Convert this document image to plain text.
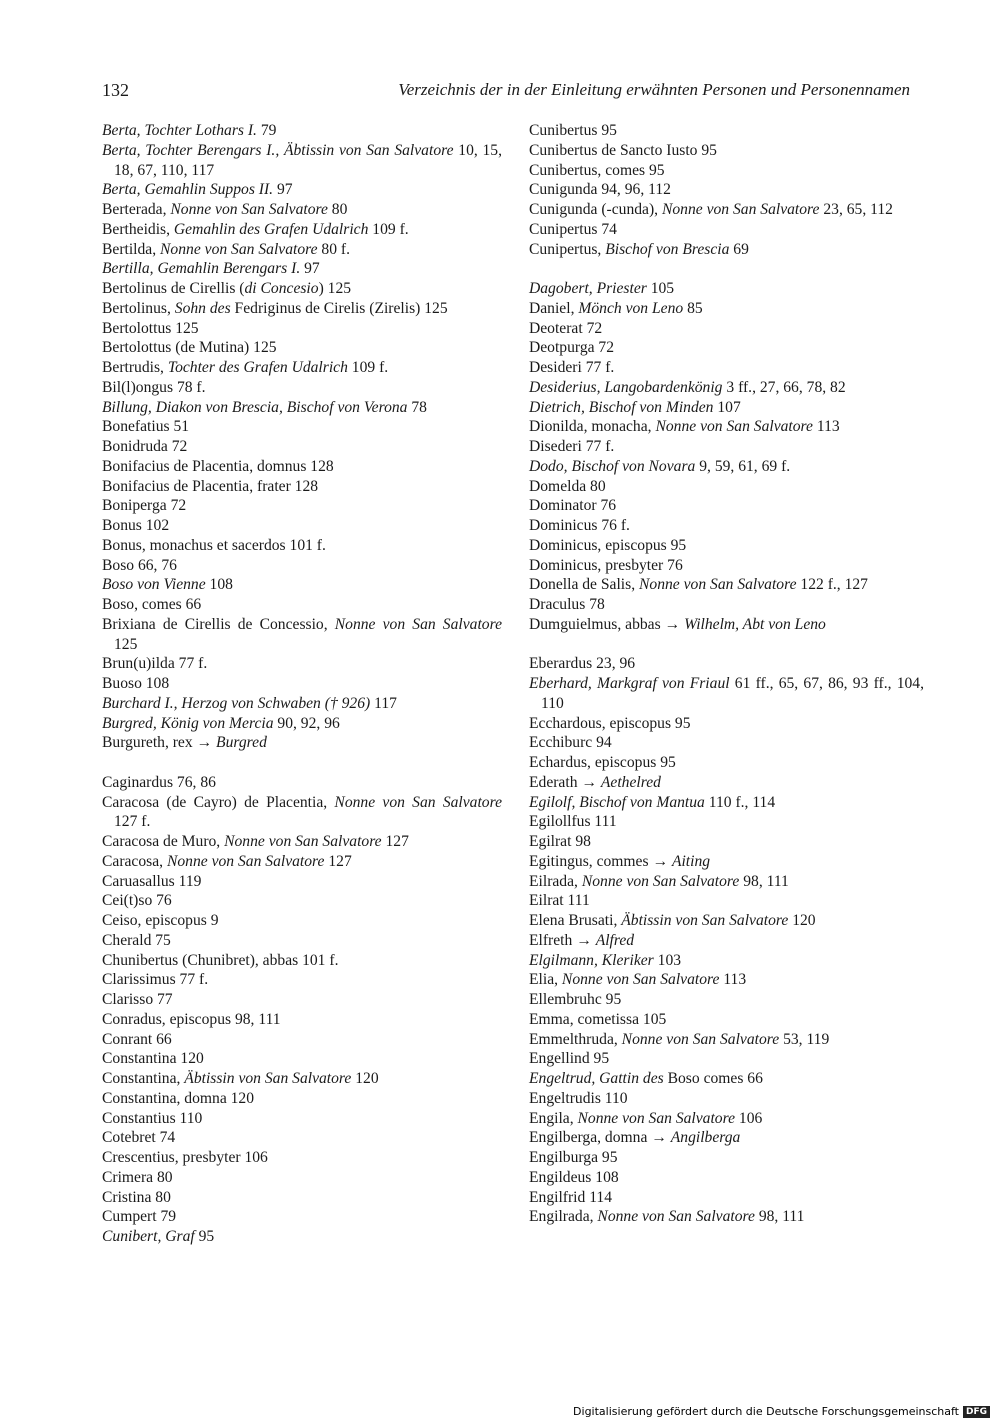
132	Verzeichnis der in der Einleitung erwähnten Personen und Personennamen
Berta, Tochter Lothars I. 79
Berta, Tochter Berengars I., Äbtissin von San Salvatore 10, 15, 18, 67, 110, 117
Berta, Gemahlin Suppos II. 97
Berterada, Nonne von San Salvatore 80
Bertheidis, Gemahlin des Grafen Udalrich 109 f.
Bertilda, Nonne von San Salvatore 80 f.
Bertilla, Gemahlin Berengars I. 97
Bertolinus de Cirellis (di Concesio) 125
Bertolinus, Sohn des Fedriginus de Cirelis (Zirelis) 125
Bertolottus 125
Bertolottus (de Mutina) 125
Bertrudis, Tochter des Grafen Udalrich 109 f.
Bil(l)ongus 78 f.
Billung, Diakon von Brescia, Bischof von Verona 78
Bonefatius 51
Bonidruda 72
Bonifacius de Placentia, domnus 128
Bonifacius de Placentia, frater 128
Boniperga 72
Bonus 102
Bonus, monachus et sacerdos 101 f.
Boso 66, 76
Boso von Vienne 108
Boso, comes 66
Brixiana de Cirellis de Concessio, Nonne von San Salvatore 125
Brun(u)ilda 77 f.
Buoso 108
Burchard I., Herzog von Schwaben († 926) 117
Burgred, König von Mercia 90, 92, 96
Burgureth, rex → Burgred
Caginardus 76, 86
Caracosa (de Cayro) de Placentia, Nonne von San Salvatore 127 f.
Caracosa de Muro, Nonne von San Salvatore 127
Caracosa, Nonne von San Salvatore 127
Caruasallus 119
Cei(t)so 76
Ceiso, episcopus 9
Cherald 75
Chunibertus (Chunibret), abbas 101 f.
Clarissimus 77 f.
Clarisso 77
Conradus, episcopus 98, 111
Conrant 66
Constantina 120
Constantina, Äbtissin von San Salvatore 120
Constantina, domna 120
Constantius 110
Cotebret 74
Crescentius, presbyter 106
Crimera 80
Cristina 80
Cumpert 79
Cunibert, Graf 95
Cunibertus 95
Cunibertus de Sancto Iusto 95
Cunibertus, comes 95
Cunigunda 94, 96, 112
Cunigunda (-cunda), Nonne von San Salvatore 23, 65, 112
Cunipertus 74
Cunipertus, Bischof von Brescia 69
Dagobert, Priester 105
Daniel, Mönch von Leno 85
Deoterat 72
Deotpurga 72
Desideri 77 f.
Desiderius, Langobardenkönig 3 ff., 27, 66, 78, 82
Dietrich, Bischof von Minden 107
Dionilda, monacha, Nonne von San Salvatore 113
Disederi 77 f.
Dodo, Bischof von Novara 9, 59, 61, 69 f.
Domelda 80
Dominator 76
Dominicus 76 f.
Dominicus, episcopus 95
Dominicus, presbyter 76
Donella de Salis, Nonne von San Salvatore 122 f., 127
Draculus 78
Dumguielmus, abbas → Wilhelm, Abt von Leno
Eberardus 23, 96
Eberhard, Markgraf von Friaul 61 ff., 65, 67, 86, 93 ff., 104, 110
Ecchardous, episcopus 95
Ecchiburc 94
Echardus, episcopus 95
Ederath → Aethelred
Egilolf, Bischof von Mantua 110 f., 114
Egilollfus 111
Egilrat 98
Egitingus, commes → Aiting
Eilrada, Nonne von San Salvatore 98, 111
Eilrat 111
Elena Brusati, Äbtissin von San Salvatore 120
Elfreth → Alfred
Elgilmann, Kleriker 103
Elia, Nonne von San Salvatore 113
Ellembruhc 95
Emma, cometissa 105
Emmelthruda, Nonne von San Salvatore 53, 119
Engellind 95
Engeltrud, Gattin des Boso comes 66
Engeltrudis 110
Engila, Nonne von San Salvatore 106
Engilberga, domna → Angilberga
Engilburga 95
Engildeus 108
Engilfrid 114
Engilrada, Nonne von San Salvatore 98, 111
Digitalisierung gefördert durch die Deutsche Forschungsgemeinschaft DFG
